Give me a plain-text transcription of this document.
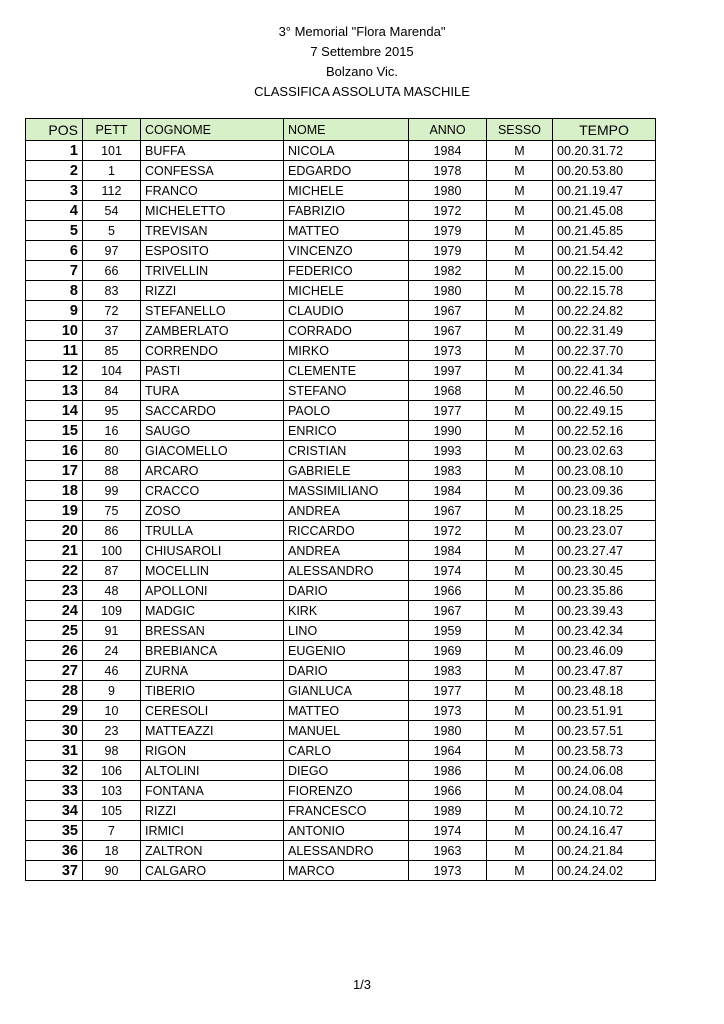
3° Memorial "Flora Marenda"
7 Settembre 2015
Bolzano Vic.
CLASSIFICA ASSOLUTA MASCHILE
POS	PETT	COGNOME	NOME	ANNO	SESSO	TEMPO
1	101	BUFFA	NICOLA	1984	M	00.20.31.72
2	1	CONFESSA	EDGARDO	1978	M	00.20.53.80
3	112	FRANCO	MICHELE	1980	M	00.21.19.47
4	54	MICHELETTO	FABRIZIO	1972	M	00.21.45.08
5	5	TREVISAN	MATTEO	1979	M	00.21.45.85
6	97	ESPOSITO	VINCENZO	1979	M	00.21.54.42
7	66	TRIVELLIN	FEDERICO	1982	M	00.22.15.00
8	83	RIZZI	MICHELE	1980	M	00.22.15.78
9	72	STEFANELLO	CLAUDIO	1967	M	00.22.24.82
10	37	ZAMBERLATO	CORRADO	1967	M	00.22.31.49
11	85	CORRENDO	MIRKO	1973	M	00.22.37.70
12	104	PASTI	CLEMENTE	1997	M	00.22.41.34
13	84	TURA	STEFANO	1968	M	00.22.46.50
14	95	SACCARDO	PAOLO	1977	M	00.22.49.15
15	16	SAUGO	ENRICO	1990	M	00.22.52.16
16	80	GIACOMELLO	CRISTIAN	1993	M	00.23.02.63
17	88	ARCARO	GABRIELE	1983	M	00.23.08.10
18	99	CRACCO	MASSIMILIANO	1984	M	00.23.09.36
19	75	ZOSO	ANDREA	1967	M	00.23.18.25
20	86	TRULLA	RICCARDO	1972	M	00.23.23.07
21	100	CHIUSAROLI	ANDREA	1984	M	00.23.27.47
22	87	MOCELLIN	ALESSANDRO	1974	M	00.23.30.45
23	48	APOLLONI	DARIO	1966	M	00.23.35.86
24	109	MADGIC	KIRK	1967	M	00.23.39.43
25	91	BRESSAN	LINO	1959	M	00.23.42.34
26	24	BREBIANCA	EUGENIO	1969	M	00.23.46.09
27	46	ZURNA	DARIO	1983	M	00.23.47.87
28	9	TIBERIO	GIANLUCA	1977	M	00.23.48.18
29	10	CERESOLI	MATTEO	1973	M	00.23.51.91
30	23	MATTEAZZI	MANUEL	1980	M	00.23.57.51
31	98	RIGON	CARLO	1964	M	00.23.58.73
32	106	ALTOLINI	DIEGO	1986	M	00.24.06.08
33	103	FONTANA	FIORENZO	1966	M	00.24.08.04
34	105	RIZZI	FRANCESCO	1989	M	00.24.10.72
35	7	IRMICI	ANTONIO	1974	M	00.24.16.47
36	18	ZALTRON	ALESSANDRO	1963	M	00.24.21.84
37	90	CALGARO	MARCO	1973	M	00.24.24.02
1/3
